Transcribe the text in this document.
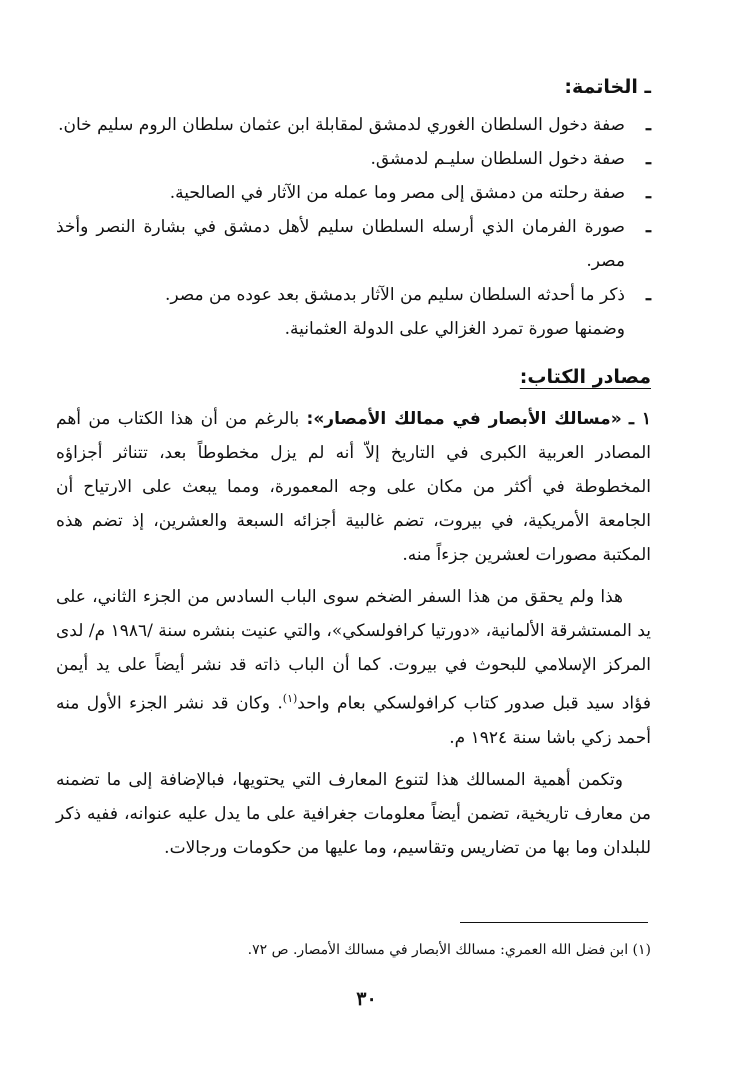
ـ الخاتمة:
ـ
صفة دخول السلطان الغوري لدمشق لمقابلة ابن عثمان سلطان الروم سليم خان.
ـ
صفة دخول السلطان سليـم لدمشق.
ـ
صفة رحلته من دمشق إلى مصر وما عمله من الآثار في الصالحية.
ـ
صورة الفرمان الذي أرسله السلطان سليم لأهل دمشق في بشارة النصر وأخذ مصر.
ـ
ذكر ما أحدثه السلطان سليم من الآثار بدمشق بعد عوده من مصر.
وضمنها صورة تمرد الغزالي على الدولة العثمانية.
مصادر الكتاب:

١ ـ «مسالك الأبصار في ممالك الأمصار»: بالرغم من أن هذا الكتاب من أهم المصادر العربية الكبرى في التاريخ إلاّ أنه لم يزل مخطوطاً بعد، تتناثر أجزاؤه المخطوطة في أكثر من مكان على وجه المعمورة، ومما يبعث على الارتياح أن الجامعة الأمريكية، في بيروت، تضم غالبية أجزائه السبعة والعشرين، إذ تضم هذه المكتبة مصورات لعشرين جزءاً منه.

هذا ولم يحقق من هذا السفر الضخم سوى الباب السادس من الجزء الثاني، على يد المستشرقة الألمانية، «دورتيا كرافولسكي»، والتي عنيت بنشره سنة /١٩٨٦ م/ لدى المركز الإسلامي للبحوث في بيروت. كما أن الباب ذاته قد نشر أيضاً على يد أيمن فؤاد سيد قبل صدور كتاب كرافولسكي بعام واحد$^{(١)}$. وكان قد نشر الجزء الأول منه أحمد زكي باشا سنة ١٩٢٤ م.

وتكمن أهمية المسالك هذا لتنوع المعارف التي يحتويها، فبالإضافة إلى ما تضمنه من معارف تاريخية، تضمن أيضاً معلومات جغرافية على ما يدل عليه عنوانه، ففيه ذكر للبلدان وما بها من تضاريس وتقاسيم، وما عليها من حكومات ورجالات.

(١) ابن فضل الله العمري: مسالك الأبصار في مسالك الأمصار. ص ٧٢.
٣٠
